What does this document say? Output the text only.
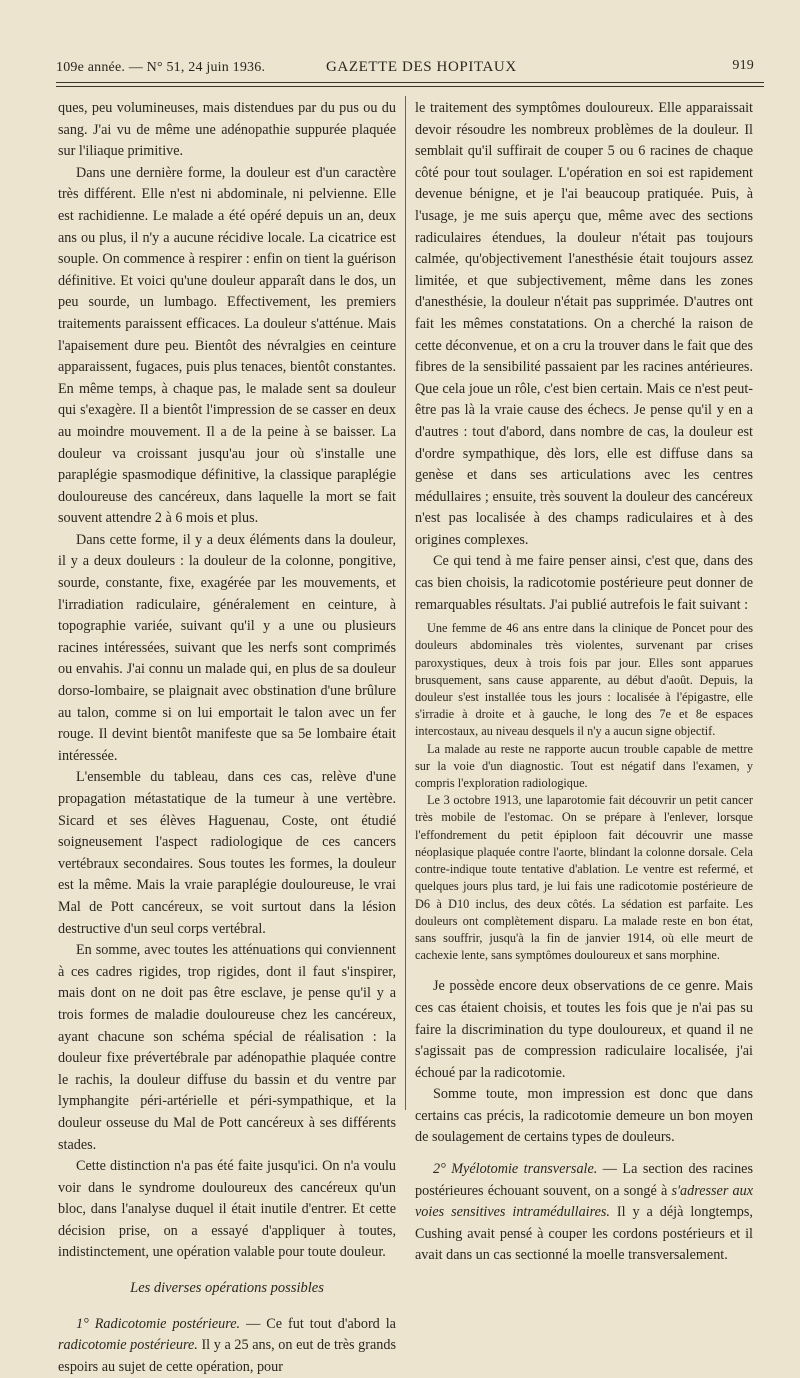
109e année. — N° 51, 24 juin 1936.	GAZETTE DES HOPITAUX	919

ques, peu volumineuses, mais distendues par du pus ou du sang. J'ai vu de même une adénopathie suppurée plaquée sur l'iliaque primitive.

Dans une dernière forme, la douleur est d'un caractère très différent. Elle n'est ni abdominale, ni pelvienne. Elle est rachidienne. Le malade a été opéré depuis un an, deux ans ou plus, il n'y a aucune récidive locale. La cicatrice est souple. On commence à respirer : enfin on tient la guérison définitive. Et voici qu'une douleur apparaît dans le dos, un peu sourde, un lumbago. Effectivement, les premiers traitements paraissent efficaces. La douleur s'atténue. Mais l'apaisement dure peu. Bientôt des névralgies en ceinture apparaissent, fugaces, puis plus tenaces, bientôt constantes. En même temps, à chaque pas, le malade sent sa douleur qui s'exagère. Il a bientôt l'impression de se casser en deux au moindre mouvement. Il a de la peine à se baisser. La douleur va croissant jusqu'au jour où s'installe une paraplégie spasmodique définitive, la classique paraplégie douloureuse des cancéreux, dans laquelle la mort se fait souvent attendre 2 à 6 mois et plus.

Dans cette forme, il y a deux éléments dans la douleur, il y a deux douleurs : la douleur de la colonne, pongitive, sourde, constante, fixe, exagérée par les mouvements, et l'irradiation radiculaire, généralement en ceinture, à topographie variée, suivant qu'il y a une ou plusieurs racines intéressées, suivant que les nerfs sont comprimés ou envahis. J'ai connu un malade qui, en plus de sa douleur dorso-lombaire, se plaignait avec obstination d'une brûlure au talon, comme si on lui emportait le talon avec un fer rouge. Il devint bientôt manifeste que sa 5e lombaire était intéressée.

L'ensemble du tableau, dans ces cas, relève d'une propagation métastatique de la tumeur à une vertèbre. Sicard et ses élèves Haguenau, Coste, ont étudié soigneusement l'aspect radiologique de ces cancers vertébraux secondaires. Sous toutes les formes, la douleur est la même. Mais la vraie paraplégie douloureuse, le vrai Mal de Pott cancéreux, se voit surtout dans la lésion destructive d'un seul corps vertébral.

En somme, avec toutes les atténuations qui conviennent à ces cadres rigides, trop rigides, dont il faut s'inspirer, mais dont on ne doit pas être esclave, je pense qu'il y a trois formes de maladie douloureuse chez les cancéreux, ayant chacune son schéma spécial de réalisation : la douleur fixe prévertébrale par adénopathie plaquée contre le rachis, la douleur diffuse du bassin et du ventre par lymphangite péri-artérielle et péri-sympathique, et la douleur osseuse du Mal de Pott cancéreux à ses différents stades.

Cette distinction n'a pas été faite jusqu'ici. On n'a voulu voir dans le syndrome douloureux des cancéreux qu'un bloc, dans l'analyse duquel il était inutile d'entrer. Et cette décision prise, on a essayé d'appliquer à toutes, indistinctement, une opération valable pour toute douleur.

Les diverses opérations possibles

1° Radicotomie postérieure. — Ce fut tout d'abord la radicotomie postérieure. Il y a 25 ans, on eut de très grands espoirs au sujet de cette opération, pour

le traitement des symptômes douloureux. Elle apparaissait devoir résoudre les nombreux problèmes de la douleur. Il semblait qu'il suffirait de couper 5 ou 6 racines de chaque côté pour tout soulager. L'opération en soi est rapidement devenue bénigne, et je l'ai beaucoup pratiquée. Puis, à l'usage, je me suis aperçu que, même avec des sections radiculaires étendues, la douleur n'était pas toujours calmée, qu'objectivement l'anesthésie était toujours assez limitée, et que subjectivement, même dans les zones d'anesthésie, la douleur n'était pas supprimée. D'autres ont fait les mêmes constatations. On a cherché la raison de cette déconvenue, et on a cru la trouver dans le fait que des fibres de la sensibilité passaient par les racines antérieures. Que cela joue un rôle, c'est bien certain. Mais ce n'est peut-être pas là la vraie cause des échecs. Je pense qu'il y en a d'autres : tout d'abord, dans nombre de cas, la douleur est d'ordre sympathique, dès lors, elle est diffuse dans sa genèse et dans ses articulations avec les centres médullaires ; ensuite, très souvent la douleur des cancéreux n'est pas localisée à des champs radiculaires et à des origines complexes.

Ce qui tend à me faire penser ainsi, c'est que, dans des cas bien choisis, la radicotomie postérieure peut donner de remarquables résultats. J'ai publié autrefois le fait suivant :

Une femme de 46 ans entre dans la clinique de Poncet pour des douleurs abdominales très violentes, survenant par crises paroxystiques, deux à trois fois par jour. Elles sont apparues brusquement, sans cause apparente, au début d'août. Depuis, la douleur s'est installée tous les jours : localisée à l'épigastre, elle s'irradie à droite et à gauche, le long des 7e et 8e espaces intercostaux, au niveau desquels il n'y a aucun signe objectif.

La malade au reste ne rapporte aucun trouble capable de mettre sur la voie d'un diagnostic. Tout est négatif dans l'examen, y compris l'exploration radiologique.

Le 3 octobre 1913, une laparotomie fait découvrir un petit cancer très mobile de l'estomac. On se prépare à l'enlever, lorsque l'effondrement du petit épiploon fait découvrir une masse néoplasique plaquée contre l'aorte, blindant la colonne dorsale. Cela contre-indique toute tentative d'ablation. Le ventre est refermé, et quelques jours plus tard, je lui fais une radicotomie postérieure de D6 à D10 inclus, des deux côtés. La sédation est parfaite. Les douleurs ont complètement disparu. La malade reste en bon état, sans souffrir, jusqu'à la fin de janvier 1914, où elle meurt de cachexie lente, sans symptômes douloureux et sans morphine.

Je possède encore deux observations de ce genre. Mais ces cas étaient choisis, et toutes les fois que je n'ai pas su faire la discrimination du type douloureux, et quand il ne s'agissait pas de compression radiculaire localisée, j'ai échoué par la radicotomie.

Somme toute, mon impression est donc que dans certains cas précis, la radicotomie demeure un bon moyen de soulagement de certains types de douleurs.

2° Myélotomie transversale. — La section des racines postérieures échouant souvent, on a songé à s'adresser aux voies sensitives intramédullaires. Il y a déjà longtemps, Cushing avait pensé à couper les cordons postérieurs et il avait dans un cas sectionné la moelle transversalement.
